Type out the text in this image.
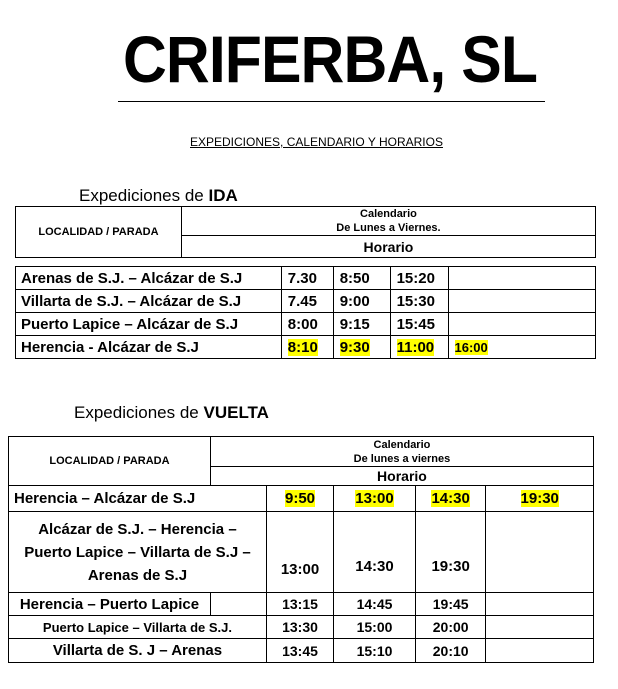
CRIFERBA, SL
EXPEDICIONES, CALENDARIO Y HORARIOS
Expediciones de IDA
LOCALIDAD / PARADA	Calendario
De Lunes a Viernes.				

	Horario				

Arenas de S.J. – Alcázar de S.J		7.30	8:50	15:20	
Villarta de S.J. – Alcázar de S.J		7.45	9:00	15:30	
Puerto Lapice – Alcázar de S.J		8:00	9:15	15:45	
Herencia - Alcázar de S.J		8:10	9:30	11:00	16:00
Expediciones de VUELTA
LOCALIDAD / PARADA	Calendario
De lunes a viernes				

	Horario				
Herencia – Alcázar de S.J		9:50	13:00	14:30	19:30

Alcázar de S.J. – Herencia –
Puerto Lapice – Villarta de S.J –
Arenas de S.J		13:00	14:30	19:30	
Herencia – Puerto Lapice		13:15	14:45	19:45	
Puerto Lapice – Villarta de S.J.		13:30	15:00	20:00	
Villarta de S. J – Arenas		13:45	15:10	20:10	
